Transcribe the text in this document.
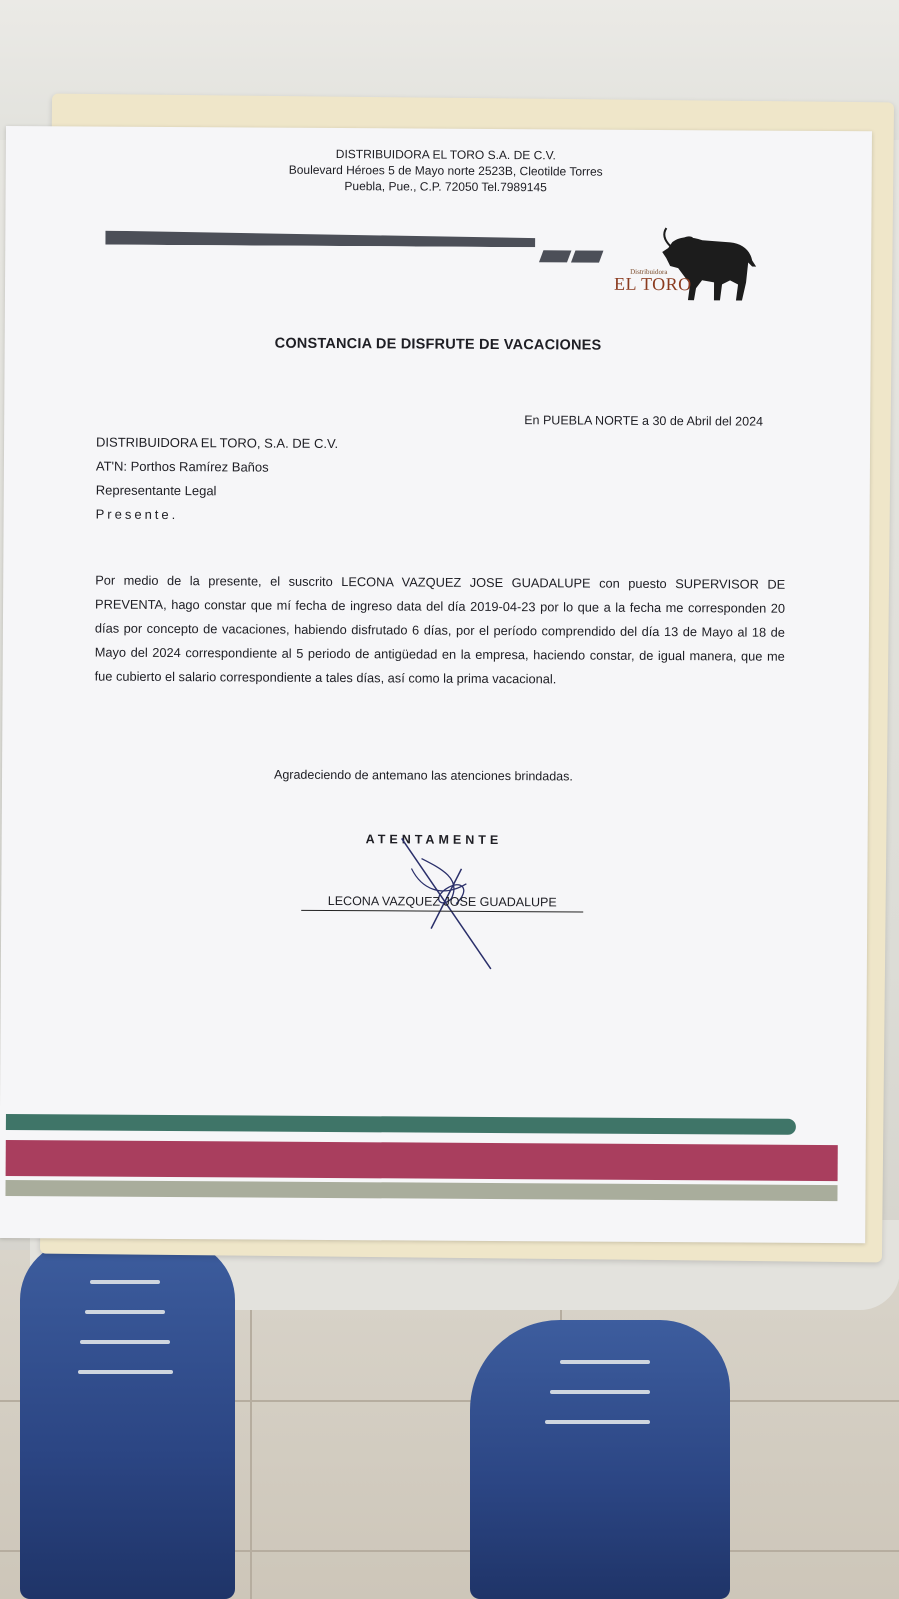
DISTRIBUIDORA EL TORO S.A. DE C.V.
Boulevard Héroes 5 de Mayo norte 2523B, Cleotilde Torres
Puebla, Pue., C.P. 72050 Tel.7989145
Distribuidora
EL TORO
CONSTANCIA DE DISFRUTE DE VACACIONES
En PUEBLA NORTE a 30 de Abril del 2024
DISTRIBUIDORA EL TORO, S.A. DE C.V.
AT'N: Porthos Ramírez Baños
Representante Legal
Presente.
Por medio de la presente, el suscrito LECONA VAZQUEZ JOSE GUADALUPE con puesto SUPERVISOR DE PREVENTA, hago constar que mí fecha de ingreso data del día 2019-04-23 por lo que a la fecha me corresponden 20 días por concepto de vacaciones, habiendo disfrutado 6 días, por el período comprendido del día 13 de Mayo al 18 de Mayo del 2024 correspondiente al 5 periodo de antigüedad en la empresa, haciendo constar, de igual manera, que me fue cubierto el salario correspondiente a tales días, así como la prima vacacional.
Agradeciendo de antemano las atenciones brindadas.
ATENTAMENTE
LECONA VAZQUEZ JOSE GUADALUPE
